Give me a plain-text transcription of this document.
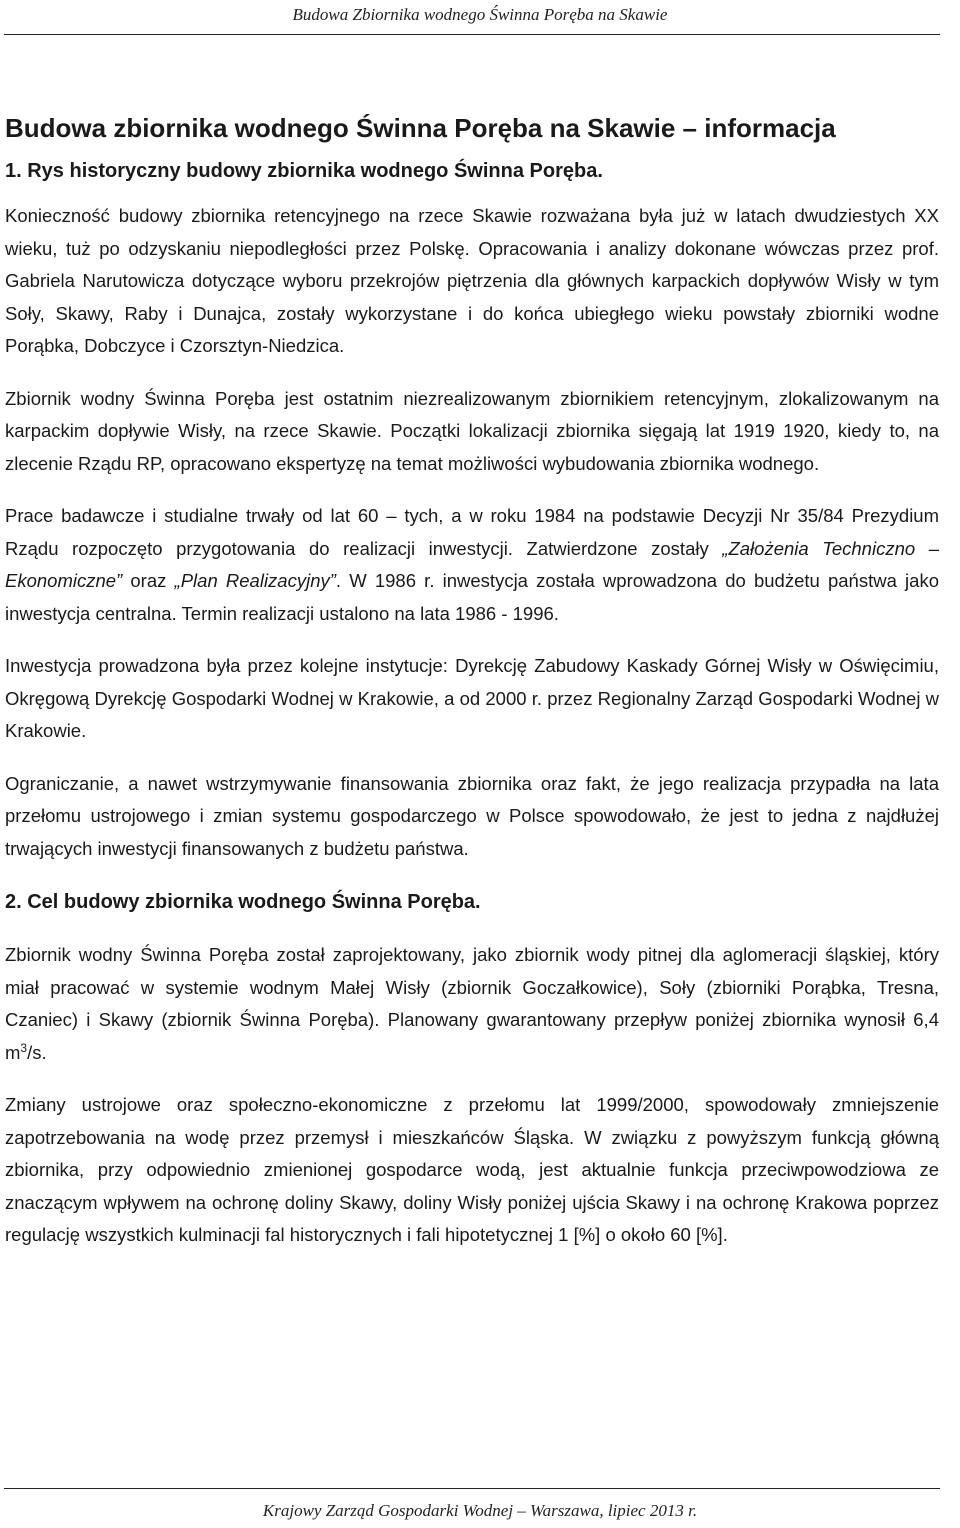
Budowa Zbiornika wodnego Świnna Poręba na Skawie
Budowa zbiornika wodnego Świnna Poręba na Skawie – informacja
1. Rys historyczny budowy zbiornika wodnego Świnna Poręba.

Konieczność budowy zbiornika retencyjnego na rzece Skawie rozważana była już w latach dwudziestych XX wieku, tuż po odzyskaniu niepodległości przez Polskę. Opracowania i analizy dokonane wówczas przez prof. Gabriela Narutowicza dotyczące wyboru przekrojów piętrzenia dla głównych karpackich dopływów Wisły w tym Soły, Skawy, Raby i Dunajca, zostały wykorzystane i do końca ubiegłego wieku powstały zbiorniki wodne Porąbka, Dobczyce i Czorsztyn-Niedzica.

Zbiornik wodny Świnna Poręba jest ostatnim niezrealizowanym zbiornikiem retencyjnym, zlokalizowanym na karpackim dopływie Wisły, na rzece Skawie. Początki lokalizacji zbiornika sięgają lat 1919 1920, kiedy to, na zlecenie Rządu RP, opracowano ekspertyzę na temat możliwości wybudowania zbiornika wodnego.

Prace badawcze i studialne trwały od lat 60 – tych, a w roku 1984 na podstawie Decyzji Nr 35/84 Prezydium Rządu rozpoczęto przygotowania do realizacji inwestycji. Zatwierdzone zostały „Założenia Techniczno – Ekonomiczne” oraz „Plan Realizacyjny”. W 1986 r. inwestycja została wprowadzona do budżetu państwa jako inwestycja centralna. Termin realizacji ustalono na lata 1986 - 1996.

Inwestycja prowadzona była przez kolejne instytucje: Dyrekcję Zabudowy Kaskady Górnej Wisły w Oświęcimiu, Okręgową Dyrekcję Gospodarki Wodnej w Krakowie, a od 2000 r. przez Regionalny Zarząd Gospodarki Wodnej w Krakowie.

Ograniczanie, a nawet wstrzymywanie finansowania zbiornika oraz fakt, że jego realizacja przypadła na lata przełomu ustrojowego i zmian systemu gospodarczego w Polsce spowodowało, że jest to jedna z najdłużej trwających inwestycji finansowanych z budżetu państwa.

2. Cel budowy zbiornika wodnego Świnna Poręba.

Zbiornik wodny Świnna Poręba został zaprojektowany, jako zbiornik wody pitnej dla aglomeracji śląskiej, który miał pracować w systemie wodnym Małej Wisły (zbiornik Goczałkowice), Soły (zbiorniki Porąbka, Tresna, Czaniec) i Skawy (zbiornik Świnna Poręba). Planowany gwarantowany przepływ poniżej zbiornika wynosił 6,4 $m^3/s$.

Zmiany ustrojowe oraz społeczno-ekonomiczne z przełomu lat 1999/2000, spowodowały zmniejszenie zapotrzebowania na wodę przez przemysł i mieszkańców Śląska. W związku z powyższym funkcją główną zbiornika, przy odpowiednio zmienionej gospodarce wodą, jest aktualnie funkcja przeciwpowodziowa ze znaczącym wpływem na ochronę doliny Skawy, doliny Wisły poniżej ujścia Skawy i na ochronę Krakowa poprzez regulację wszystkich kulminacji fal historycznych i fali hipotetycznej 1 [%] o około 60 [%].

Krajowy Zarząd Gospodarki Wodnej – Warszawa, lipiec 2013 r.
